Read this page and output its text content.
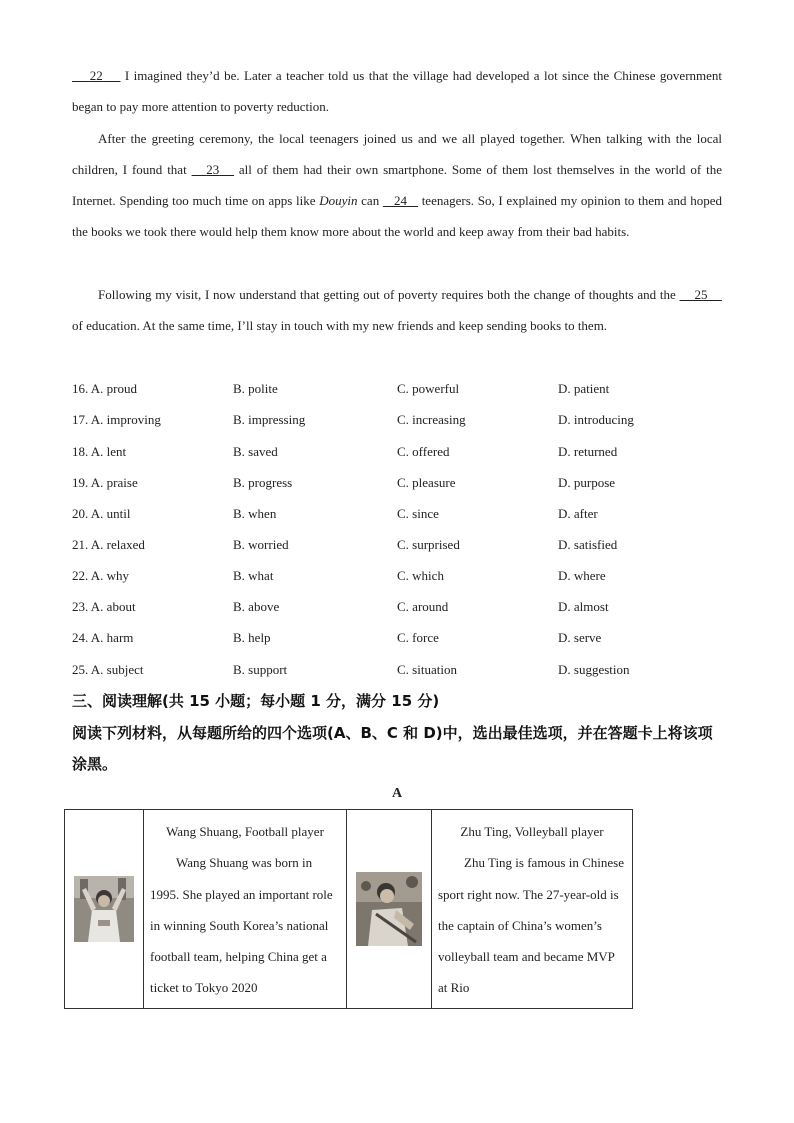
22     I imagined they’d be. Later a teacher told us that the village had developed a lot since the Chinese government began to pay more attention to poverty reduction.
After the greeting ceremony, the local teenagers joined us and we all played together. When talking with the local children, I found that    23    all of them had their own smartphone. Some of them lost themselves in the world of the Internet. Spending too much time on apps like Douyin can    24    teenagers. So, I explained my opinion to them and hoped the books we took there would help them know more about the world and keep away from their bad habits.
Following my visit, I now understand that getting out of poverty requires both the change of thoughts and the     25     of education. At the same time, I’ll stay in touch with my new friends and keep sending books to them.
16. A. proud	B. polite	C. powerful	D. patient
17. A. improving	B. impressing	C. increasing	D. introducing
18. A. lent	B. saved	C. offered	D. returned
19. A. praise	B. progress	C. pleasure	D. purpose
20. A. until	B. when	C. since	D. after
21. A. relaxed	B. worried	C. surprised	D. satisfied
22. A. why	B. what	C. which	D. where
23. A. about	B. above	C. around	D. almost
24. A. harm	B. help	C. force	D. serve
25. A. subject	B. support	C. situation	D. suggestion
三、阅读理解(共 15 小题；每小题 1 分，满分 15 分)
阅读下列材料，从每题所给的四个选项(A、B、C 和 D)中，选出最佳选项，并在答题卡上将该项涂黑。
A

Wang Shuang, Football player
Wang Shuang was born in 1995. She played an important role in winning South Korea’s national football team, helping China get a ticket to Tokyo 2020

Zhu Ting, Volleyball player
Zhu Ting is famous in Chinese sport right now. The 27-year-old is the captain of China’s women’s volleyball team and became MVP at Rio
